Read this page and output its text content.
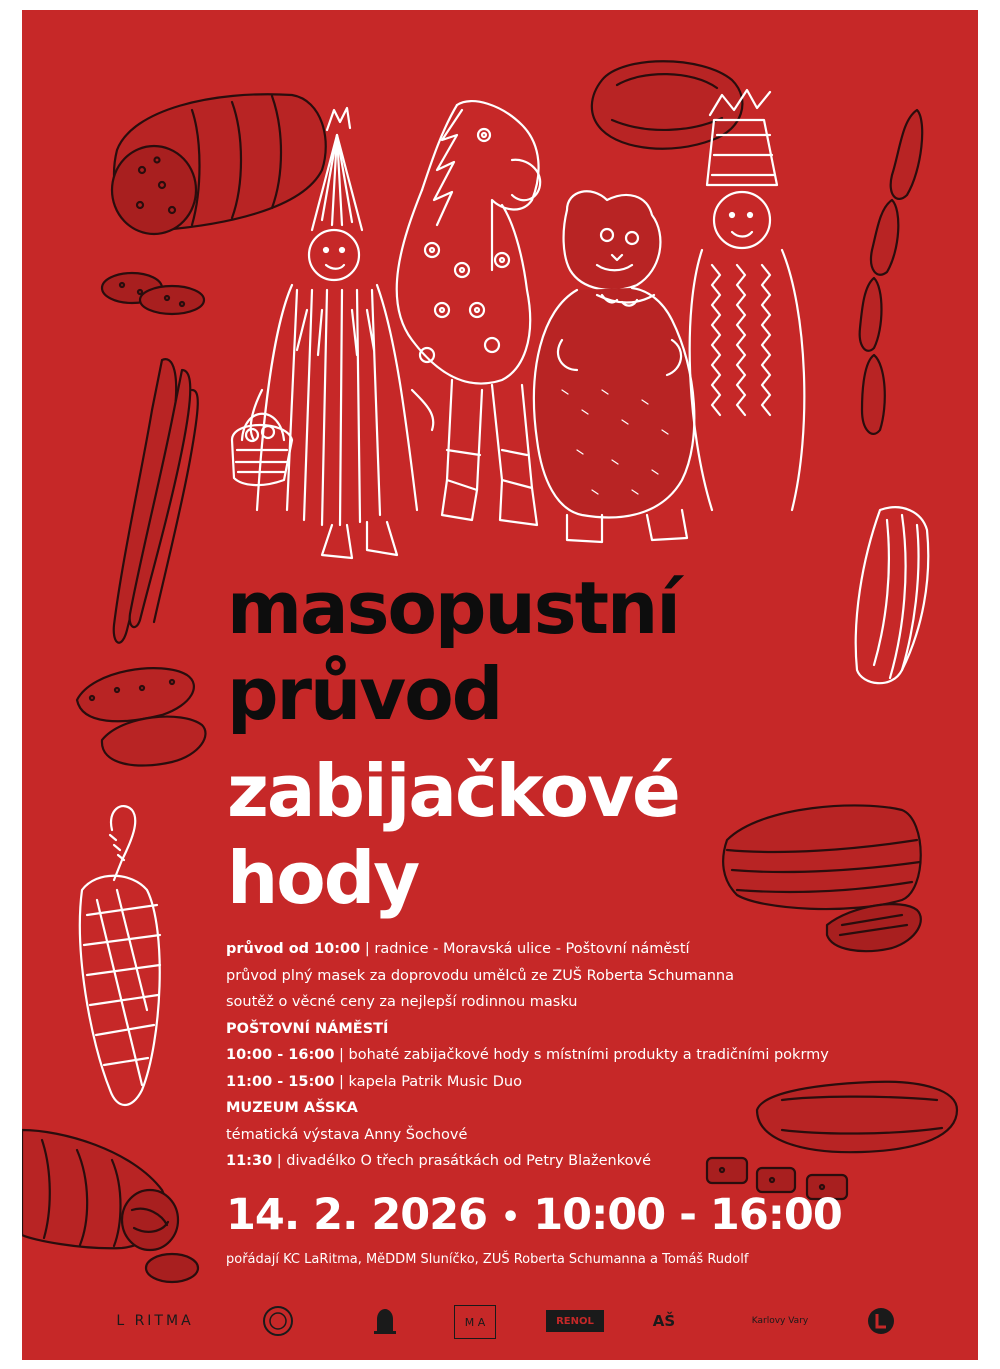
masopustní
průvod
zabijačkové
hody
průvod od 10:00 | radnice - Moravská ulice - Poštovní náměstí
průvod plný masek za doprovodu umělců ze ZUŠ Roberta Schumanna
soutěž o věcné ceny za nejlepší rodinnou masku
POŠTOVNÍ NÁMĚSTÍ
10:00 - 16:00 | bohaté zabijačkové hody s místními produkty a tradičními pokrmy
11:00 - 15:00 | kapela Patrik Music Duo
MUZEUM AŠSKA
tématická výstava Anny Šochové
11:30 | divadélko O třech prasátkách od Petry Blaženkové
14. 2. 2026 • 10:00 - 16:00
pořádají KC LaRitma, MěDDM Sluníčko, ZUŠ Roberta Schumanna a Tomáš Rudolf
L RITMA	M A	RENOL	AŠ	Karlovy Vary
